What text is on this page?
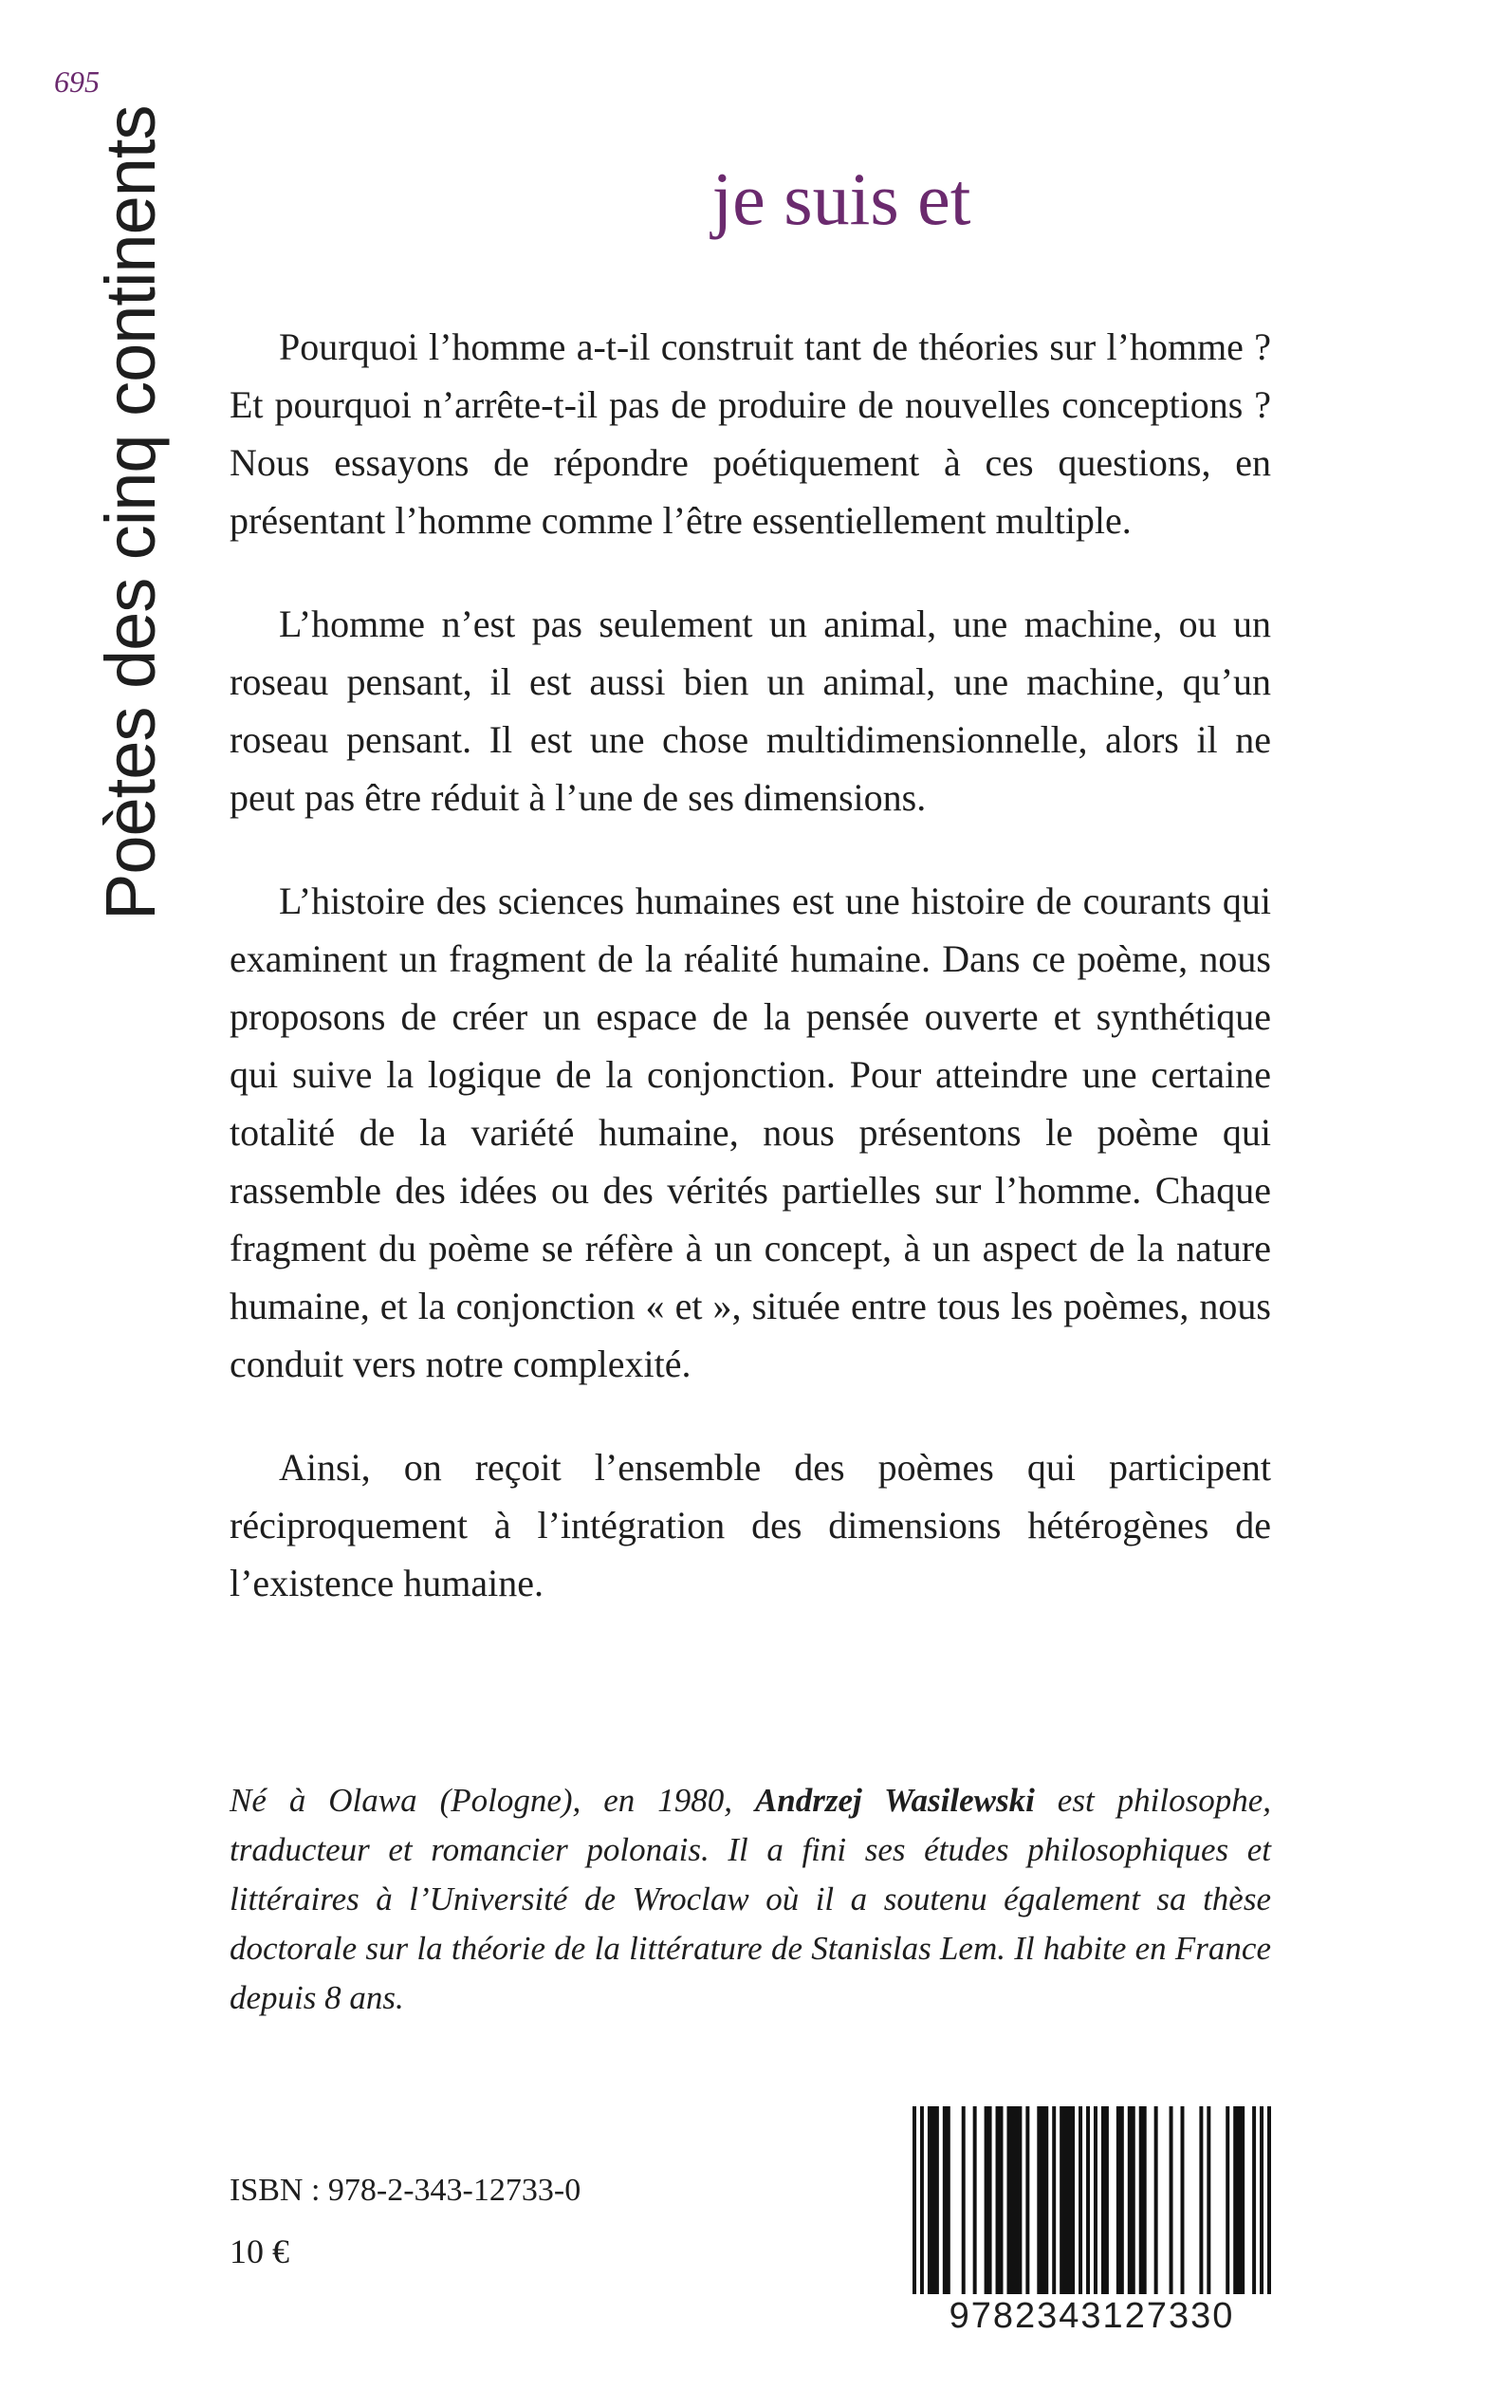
695
Poètes des cinq continents	je suis et

Pourquoi l’homme a-t-il construit tant de théories sur l’homme ? Et pourquoi n’arrête-t-il pas de produire de nouvelles conceptions ? Nous essayons de répondre poétiquement à ces questions, en présentant l’homme comme l’être essentiellement multiple.

L’homme n’est pas seulement un animal, une machine, ou un roseau pensant, il est aussi bien un animal, une machine, qu’un roseau pensant. Il est une chose multidimensionnelle, alors il ne peut pas être réduit à l’une de ses dimensions.

L’histoire des sciences humaines est une histoire de courants qui examinent un fragment de la réalité humaine. Dans ce poème, nous proposons de créer un espace de la pensée ouverte et synthétique qui suive la logique de la conjonction. Pour atteindre une certaine totalité de la variété humaine, nous présentons le poème qui rassemble des idées ou des vérités partielles sur l’homme. Chaque fragment du poème se réfère à un concept, à un aspect de la nature humaine, et la conjonction « et », située entre tous les poèmes, nous conduit vers notre complexité.

Ainsi, on reçoit l’ensemble des poèmes qui participent réciproquement à l’intégration des dimensions hétérogènes de l’existence humaine.

Né à Olawa (Pologne), en 1980, Andrzej Wasilewski est philosophe, traducteur et romancier polonais. Il a fini ses études philosophiques et littéraires à l’Université de Wroclaw où il a soutenu également sa thèse doctorale sur la théorie de la littérature de Stanislas Lem. Il habite en France depuis 8 ans.
ISBN : 978-2-343-12733-0
10 €
9782343127330
